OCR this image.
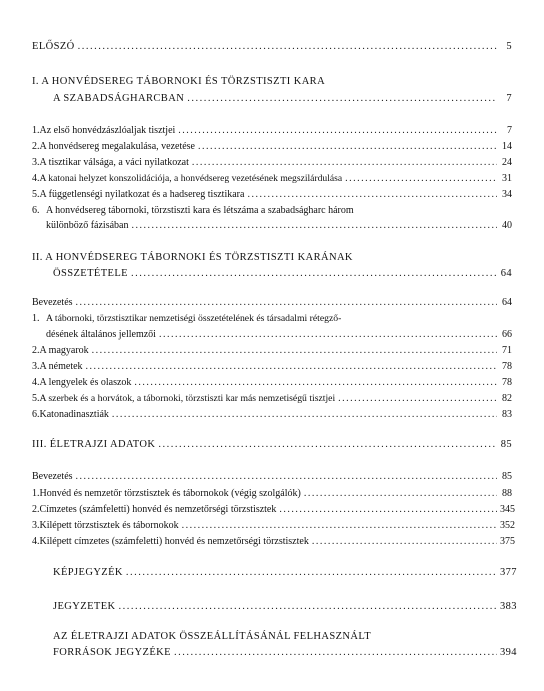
ELŐSZÓ .....	5
I. A HONVÉDSEREG TÁBORNOKI ÉS TÖRZSTISZTI KARA
A SZABADSÁGHARCBAN .....	7
1. Az első honvédzászlóaljak tisztjei .....	7
2. A honvédsereg megalakulása, vezetése .....	14
3. A tisztikar válsága, a váci nyilatkozat .....	24
4. A katonai helyzet konszolidációja, a honvédsereg vezetésének megszilárdulása .....	31
5. A függetlenségi nyilatkozat és a hadsereg tisztikara .....	34
6. A honvédsereg tábornoki, törzstiszti kara és létszáma a szabadságharc három
különböző fázisában .....	40
II. A HONVÉDSEREG TÁBORNOKI ÉS TÖRZSTISZTI KARÁNAK
ÖSSZETÉTELE .....	64
Bevezetés .....	64
1. A tábornoki, törzstisztikar nemzetiségi összetételének és társadalmi rétegző-
désének általános jellemzői .....	66
2. A magyarok .....	71
3. A németek .....	78
4. A lengyelek és olaszok .....	78
5. A szerbek és a horvátok, a tábornoki, törzstiszti kar más nemzetiségű tisztjei .....	82
6. Katonadinasztiák .....	83
III. ÉLETRAJZI ADATOK .....	85
Bevezetés .....	85
1. Honvéd és nemzetőr törzstisztek és tábornokok (végig szolgálók) .....	88
2. Címzetes (számfeletti) honvéd és nemzetőrségi törzstisztek .....	345
3. Kilépett törzstisztek és tábornokok .....	352
4. Kilépett címzetes (számfeletti) honvéd és nemzetőrségi törzstisztek .....	375
KÉPJEGYZÉK .....	377
JEGYZETEK .....	383
AZ ÉLETRAJZI ADATOK ÖSSZEÁLLÍTÁSÁNÁL FELHASZNÁLT
FORRÁSOK JEGYZÉKE .....	394
